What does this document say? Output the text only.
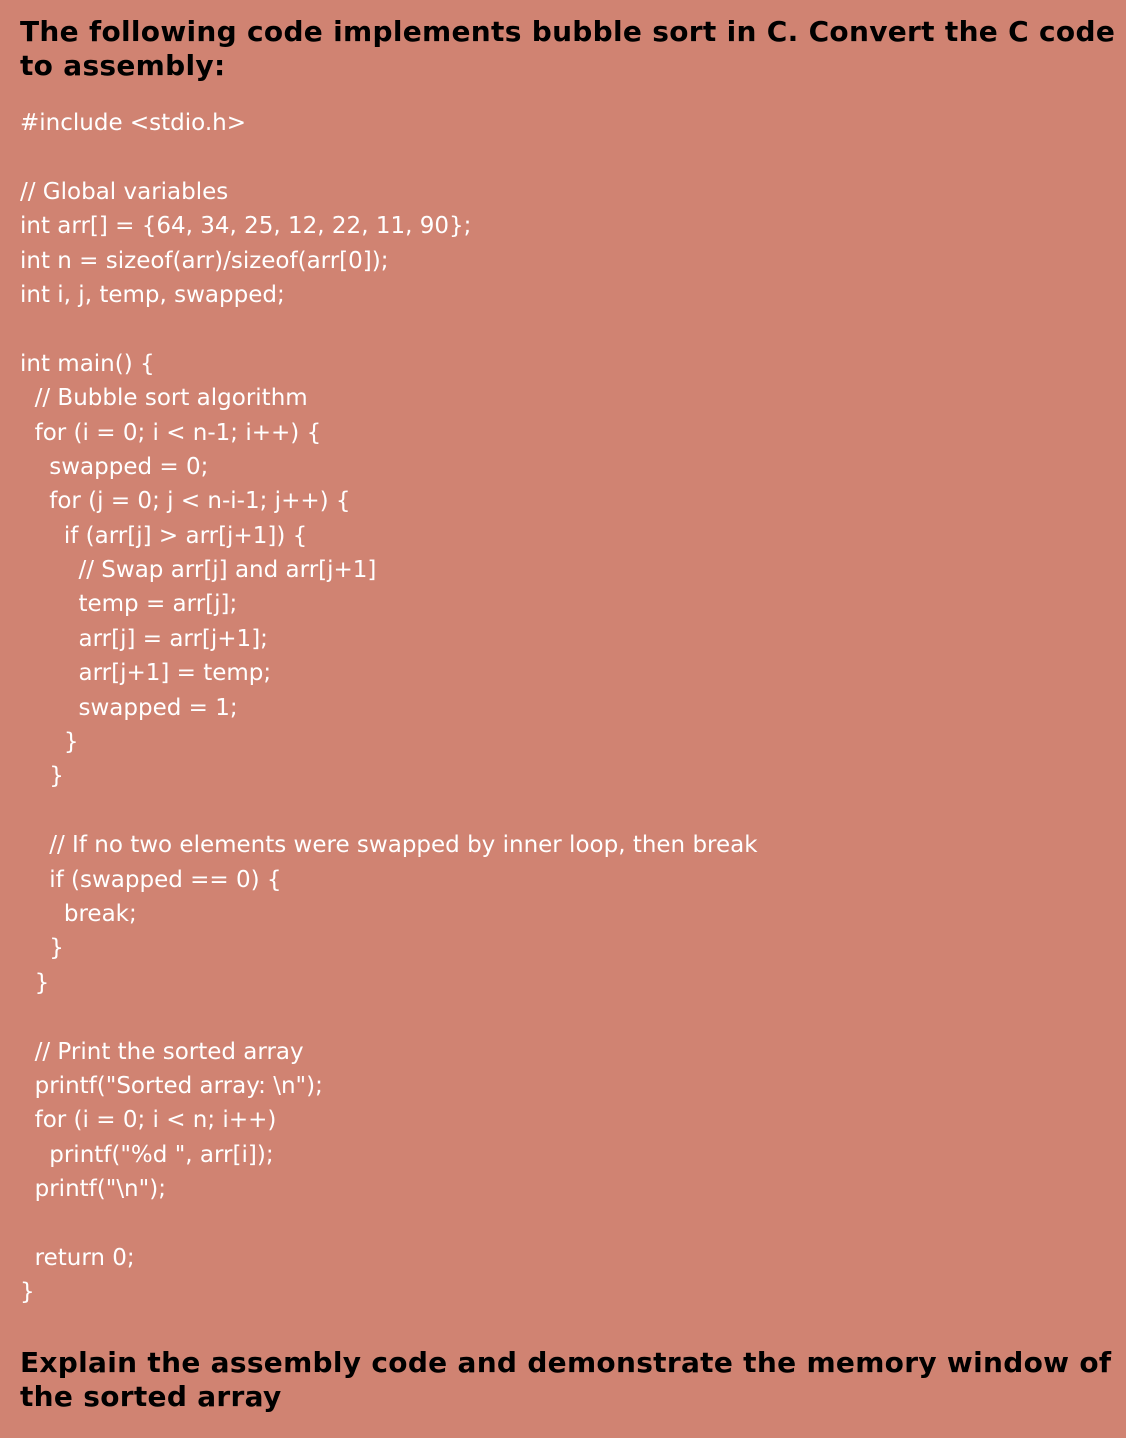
The following code implements bubble sort in C. Convert the C code to assembly:
#include <stdio.h>
// Global variables
int arr[] = {64, 34, 25, 12, 22, 11, 90};
int n = sizeof(arr)/sizeof(arr[0]);
int i, j, temp, swapped;
int main() {
// Bubble sort algorithm
for (i = 0; i < n-1; i++) {
swapped = 0;
for (j = 0; j < n-i-1; j++) {
if (arr[j] > arr[j+1]) {
// Swap arr[j] and arr[j+1]
temp = arr[j];
arr[j] = arr[j+1];
arr[j+1] = temp;
swapped = 1;
}
}
// If no two elements were swapped by inner loop, then break
if (swapped == 0) {
break;
}
}
// Print the sorted array
printf("Sorted array: \n");
for (i = 0; i < n; i++)
printf("%d ", arr[i]);
printf("\n");
return 0;
}
Explain the assembly code and demonstrate the memory window of the sorted array
